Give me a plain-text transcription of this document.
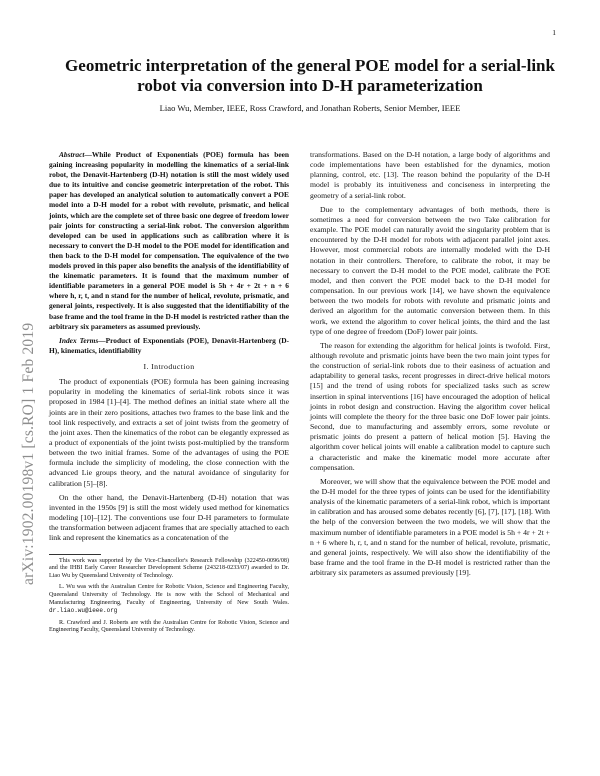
1
arXiv:1902.00198v1 [cs.RO] 1 Feb 2019
Geometric interpretation of the general POE model for a serial-link robot via conversion into D-H parameterization
Liao Wu, Member, IEEE, Ross Crawford, and Jonathan Roberts, Senior Member, IEEE

Abstract—While Product of Exponentials (POE) formula has been gaining increasing popularity in modelling the kinematics of a serial-link robot, the Denavit-Hartenberg (D-H) notation is still the most widely used due to its intuitive and concise geometric interpretation of the robot. This paper has developed an analytical solution to automatically convert a POE model into a D-H model for a robot with revolute, prismatic, and helical joints, which are the complete set of three basic one degree of freedom lower pair joints for constructing a serial-link robot. The conversion algorithm developed can be used in applications such as calibration where it is necessary to convert the D-H model to the POE model for identification and then back to the D-H model for compensation. The equivalence of the two models proved in this paper also benefits the analysis of the identifiability of the kinematic parameters. It is found that the maximum number of identifiable parameters in a general POE model is 5h + 4r + 2t + n + 6 where h, r, t, and n stand for the number of helical, revolute, prismatic, and general joints, respectively. It is also suggested that the identifiability of the base frame and the tool frame in the D-H model is restricted rather than the arbitrary six parameters as assumed previously.

Index Terms—Product of Exponentials (POE), Denavit-Hartenberg (D-H), kinematics, identifiability

I. Introduction

The product of exponentials (POE) formula has been gaining increasing popularity in modeling the kinematics of serial-link robots since it was proposed in 1984 [1]–[4]. The method defines an initial state where all the joints are in their zero positions, attaches two frames to the base link and the tool link respectively, and extracts a set of joint twists from the geometry of the joint axes. Then the kinematics of the robot can be elegantly expressed as a product of exponentials of the joint twists post-multiplied by the transform between the two initial frames. Some of the advantages of using the POE formula include the simplicity of modeling, the close connection with the advanced Lie groups theory, and the natural avoidance of singularity for calibration [5]–[8].

On the other hand, the Denavit-Hartenberg (D-H) notation that was invented in the 1950s [9] is still the most widely used method for kinematics modeling [10]–[12]. The conventions use four D-H parameters to formulate the transformation between adjacent frames that are specially attached to each link and represent the kinematics as a concatenation of the

This work was supported by the Vice-Chancellor's Research Fellowship (322450-0096/08) and the IHBI Early Career Researcher Development Scheme (243218-0233/07) awarded to Dr. Liao Wu by Queensland University of Technology.

L. Wu was with the Australian Centre for Robotic Vision, Science and Engineering Faculty, Queensland University of Technology. He is now with the School of Mechanical and Manufacturing Engineering, Faculty of Engineering, University of New South Wales. dr.liao.wu@ieee.org

R. Crawford and J. Roberts are with the Australian Centre for Robotic Vision, Science and Engineering Faculty, Queensland University of Technology.

transformations. Based on the D-H notation, a large body of algorithms and code implementations have been established for the dynamics, motion planning, control, etc. [13]. The reason behind the popularity of the D-H model is probably its intuitiveness and conciseness in interpreting the geometry of a serial-link robot.

Due to the complementary advantages of both methods, there is sometimes a need for conversion between the two Take calibration for example. The POE model can naturally avoid the singularity problem that is encountered by the D-H model for robots with adjacent parallel joint axes. However, most commercial robots are internally modeled with the D-H notation in their controllers. Therefore, to calibrate the robot, it may be necessary to convert the D-H model to the POE model, calibrate the POE model, and then convert the POE model back to the D-H model for compensation. In our previous work [14], we have shown the equivalence between the two models for robots with revolute and prismatic joints and derived an algorithm for the automatic conversion between them. In this work, we extend the algorithm to cover helical joints, the third and the last type of one degree of freedom (DoF) lower pair joints.

The reason for extending the algorithm for helical joints is twofold. First, although revolute and prismatic joints have been the two main joint types for the construction of serial-link robots due to their easiness of actuation and adaptability to general tasks, recent progresses in direct-drive helical motors [15] and the trend of using robots for specialized tasks such as screw insertion in spinal interventions [16] have encouraged the adoption of helical joints in robot design and construction. Having the algorithm cover helical joints will complete the theory for the three basic one DoF lower pair joints. Second, due to manufacturing and assembly errors, some revolute or prismatic joints do present a pattern of helical motion [5]. Having the algorithm cover helical joints will enable a calibration model to capture such a characteristic and make the kinematic model more accurate after compensation.

Moreover, we will show that the equivalence between the POE model and the D-H model for the three types of joints can be used for the identifiability analysis of the kinematic parameters of a serial-link robot, which is important in calibration and has aroused some debates recently [6], [7], [17], [18]. With the help of the conversion between the two models, we will show that the maximum number of identifiable parameters in a POE model is 5h + 4r + 2t + n + 6 where h, r, t, and n stand for the number of helical, revolute, prismatic, and general joints, respectively. We will also show the identifiability of the base frame and the tool frame in the D-H model is restricted rather than the arbitrary six parameters as assumed previously [19].
